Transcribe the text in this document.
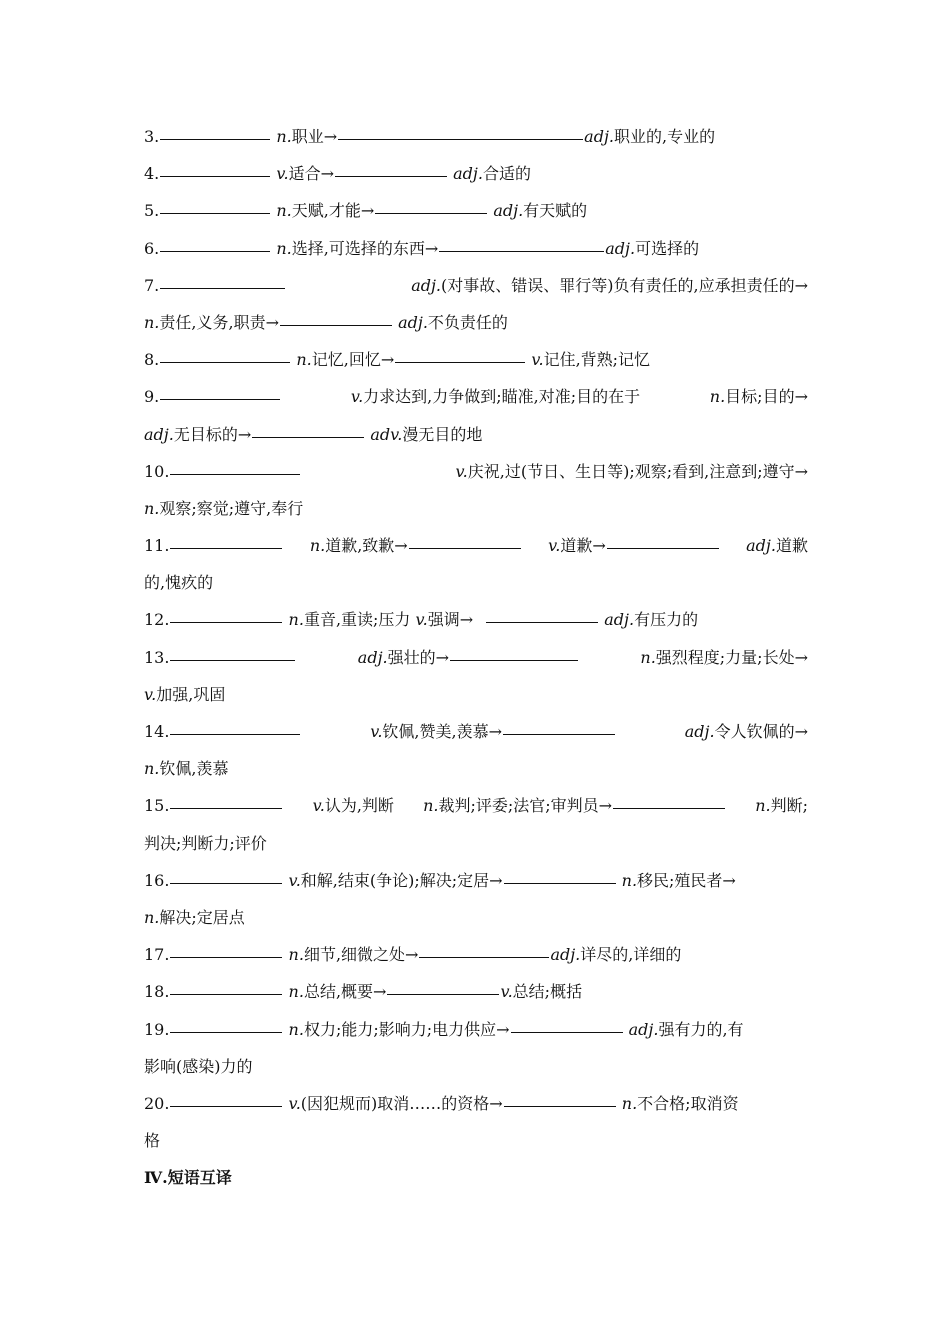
3.	n.职业→	adj.职业的,专业的
4.	v.适合→	adj.合适的
5.	n.天赋,才能→	adj.有天赋的
6.	n.选择,可选择的东西→	adj.可选择的
7.	adj.(对事故、错误、罪行等)负有责任的,应承担责任的→
n.责任,义务,职责→	adj.不负责任的
8.	n.记忆,回忆→	v.记住,背熟;记忆
9.	v.力求达到,力争做到;瞄准,对准;目的在于	n.目标;目的→
adj.无目标的→	adv.漫无目的地
10.	v.庆祝,过(节日、生日等);观察;看到,注意到;遵守→
n.观察;察觉;遵守,奉行
11.	n.道歉,致歉→	v.道歉→	adj.道歉
的,愧疚的
12.	n.重音,重读;压力 v.强调→	adj.有压力的
13.	adj.强壮的→	n.强烈程度;力量;长处→
v.加强,巩固
14.	v.钦佩,赞美,羡慕→	adj.令人钦佩的→
n.钦佩,羡慕
15.	v.认为,判断 n.裁判;评委;法官;审判员→	n.判断;
判决;判断力;评价
16.	v.和解,结束(争论);解决;定居→	n.移民;殖民者→
n.解决;定居点
17.	n.细节,细微之处→	adj.详尽的,详细的
18.	n.总结,概要→	v.总结;概括
19.	n.权力;能力;影响力;电力供应→	adj.强有力的,有
影响(感染)力的
20.	v.(因犯规而)取消……的资格→	n.不合格;取消资
格
Ⅳ.短语互译
